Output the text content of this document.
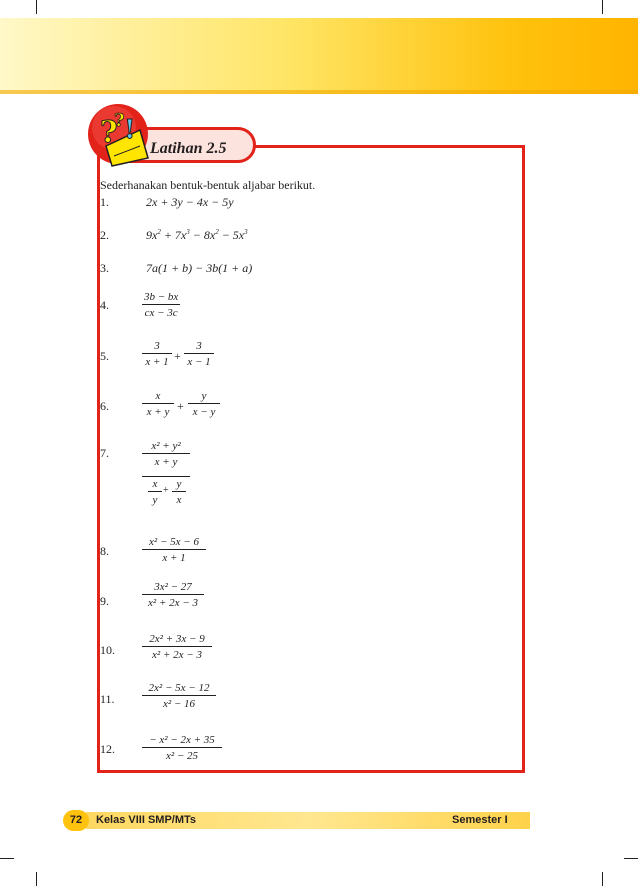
Latihan 2.5
? !
?
Sederhanakan bentuk-bentuk aljabar berikut.
1.	2x + 3y − 4x − 5y
2.	$9x^2 + 7x^3 - 8x^2 - 5x^3$
3.	7a(1 + b) − 3b(1 + a)
4.	$\frac{3b - bx}{cx - 3c}$
5.	$\frac{3}{x + 1} + \frac{3}{x - 1}$
6.	$\frac{x}{x + y} + \frac{y}{x - y}$
7.	$\frac{\text{x² + y²}}{x + y}$
$\frac{x}{y} + \frac{y}{x}$
8.	$\frac{\text{x² − 5x − 6}}{x + 1}$
9.	$\frac{\text{3x² − 27}}{\text{x² + 2x − 3}}$
10. $\frac{\text{2x² + 3x − 9}}{\text{x² + 2x − 3}}$
11. $\frac{\text{2x² − 5x − 12}}{\text{x² − 16}}$
12. $\frac{\text{− x² − 2x + 35}}{\text{x² − 25}}$
72	Kelas VIII SMP/MTs	Semester I
